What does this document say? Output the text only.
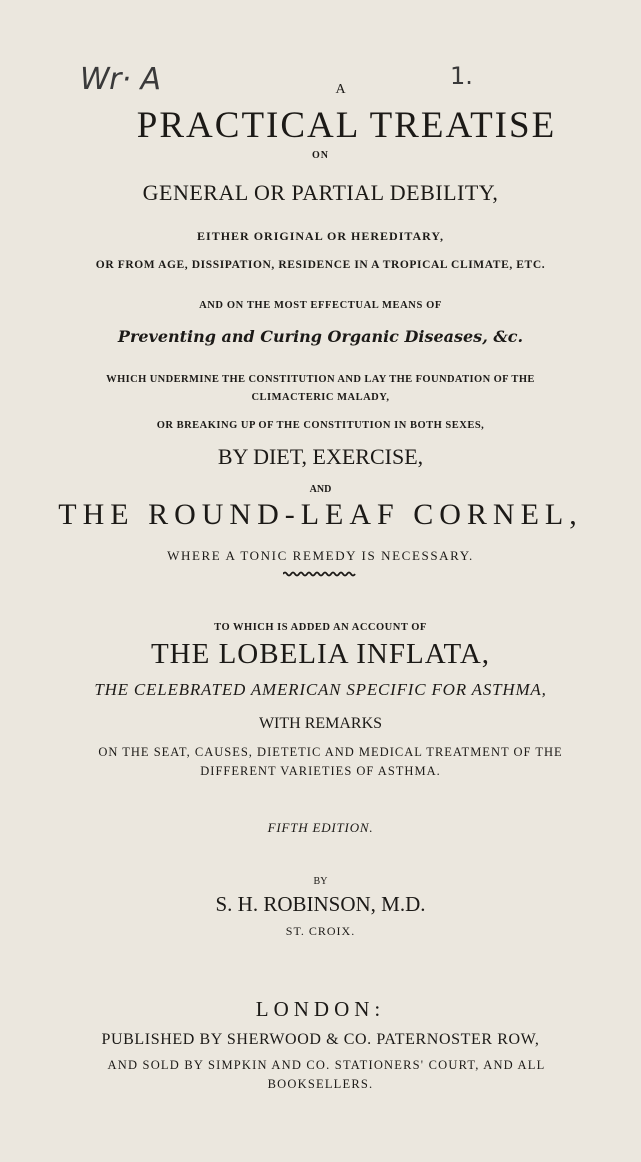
Wr· A	1.
A
PRACTICAL TREATISE
ON
GENERAL OR PARTIAL DEBILITY,
EITHER ORIGINAL OR HEREDITARY,
OR FROM AGE, DISSIPATION, RESIDENCE IN A TROPICAL CLIMATE, ETC.
AND ON THE MOST EFFECTUAL MEANS OF
Preventing and Curing Organic Diseases, &c.
WHICH UNDERMINE THE CONSTITUTION AND LAY THE FOUNDATION OF THE
CLIMACTERIC MALADY,
OR BREAKING UP OF THE CONSTITUTION IN BOTH SEXES,
BY DIET, EXERCISE,
AND
THE ROUND-LEAF CORNEL,
WHERE A TONIC REMEDY IS NECESSARY.
TO WHICH IS ADDED AN ACCOUNT OF
THE LOBELIA INFLATA,
THE CELEBRATED AMERICAN SPECIFIC FOR ASTHMA,
WITH REMARKS
ON THE SEAT, CAUSES, DIETETIC AND MEDICAL TREATMENT OF THE
DIFFERENT VARIETIES OF ASTHMA.
FIFTH EDITION.
BY
S. H. ROBINSON, M.D.
ST. CROIX.
LONDON:
PUBLISHED BY SHERWOOD & CO. PATERNOSTER ROW,
AND SOLD BY SIMPKIN AND CO. STATIONERS' COURT, AND ALL
BOOKSELLERS.
